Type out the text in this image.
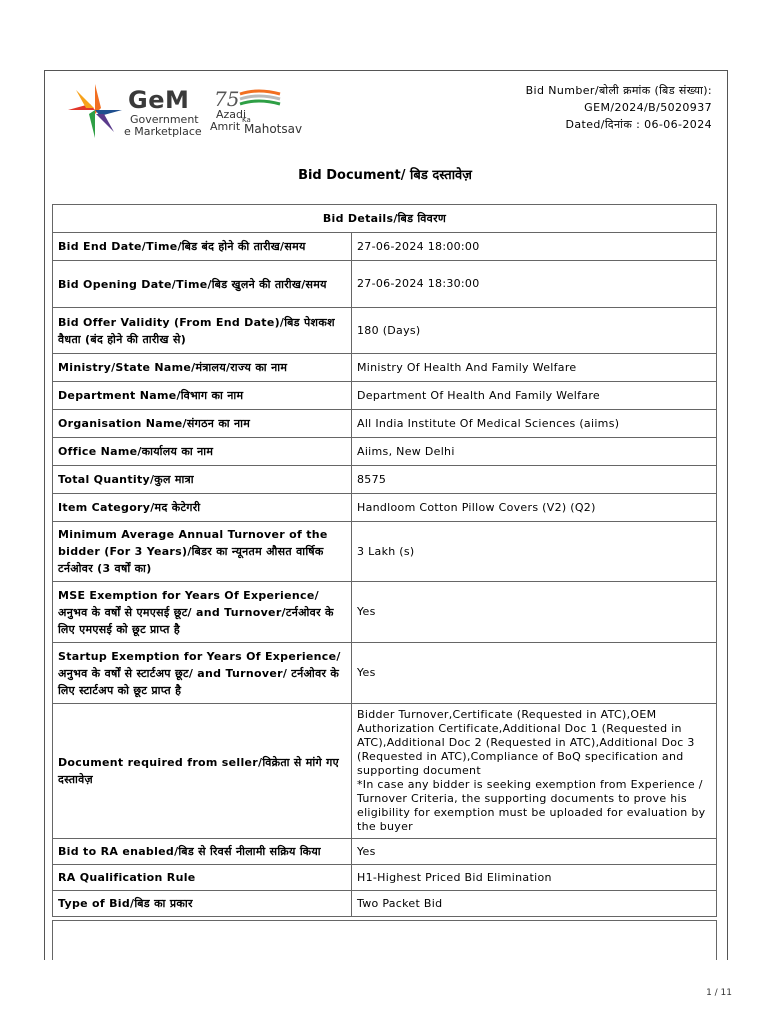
GeM
Government
e Marketplace
75
Azadi
Ka
Amrit Mahotsav
Bid Number/बोली क्रमांक (बिड संख्या):
GEM/2024/B/5020937
Dated/दिनांक : 06-06-2024
Bid Document/ बिड दस्तावेज़
Bid Details/बिड विवरण	
Bid End Date/Time/बिड बंद होने की तारीख/समय	27-06-2024 18:00:00
Bid Opening Date/Time/बिड खुलने की तारीख/समय	27-06-2024 18:30:00
Bid Offer Validity (From End Date)/बिड पेशकश वैधता (बंद होने की तारीख से)	180 (Days)
Ministry/State Name/मंत्रालय/राज्य का नाम	Ministry Of Health And Family Welfare
Department Name/विभाग का नाम	Department Of Health And Family Welfare
Organisation Name/संगठन का नाम	All India Institute Of Medical Sciences (aiims)
Office Name/कार्यालय का नाम	Aiims, New Delhi
Total Quantity/कुल मात्रा	8575
Item Category/मद केटेगरी	Handloom Cotton Pillow Covers (V2) (Q2)
Minimum Average Annual Turnover of the bidder (For 3 Years)/बिडर का न्यूनतम औसत वार्षिक टर्नओवर (3 वर्षों का)	3 Lakh (s)
MSE Exemption for Years Of Experience/अनुभव के वर्षों से एमएसई छूट/ and Turnover/टर्नओवर के लिए एमएसई को छूट प्राप्त है	Yes
Startup Exemption for Years Of Experience/अनुभव के वर्षों से स्टार्टअप छूट/ and Turnover/ टर्नओवर के लिए स्टार्टअप को छूट प्राप्त है	Yes
Document required from seller/विक्रेता से मांगे गए दस्तावेज़	Bidder Turnover,Certificate (Requested in ATC),OEM Authorization Certificate,Additional Doc 1 (Requested in ATC),Additional Doc 2 (Requested in ATC),Additional Doc 3 (Requested in ATC),Compliance of BoQ specification and supporting document
*In case any bidder is seeking exemption from Experience / Turnover Criteria, the supporting documents to prove his eligibility for exemption must be uploaded for evaluation by the buyer

Bid to RA enabled/बिड से रिवर्स नीलामी सक्रिय किया	Yes
RA Qualification Rule	H1-Highest Priced Bid Elimination
Type of Bid/बिड का प्रकार	Two Packet Bid
1 / 11
